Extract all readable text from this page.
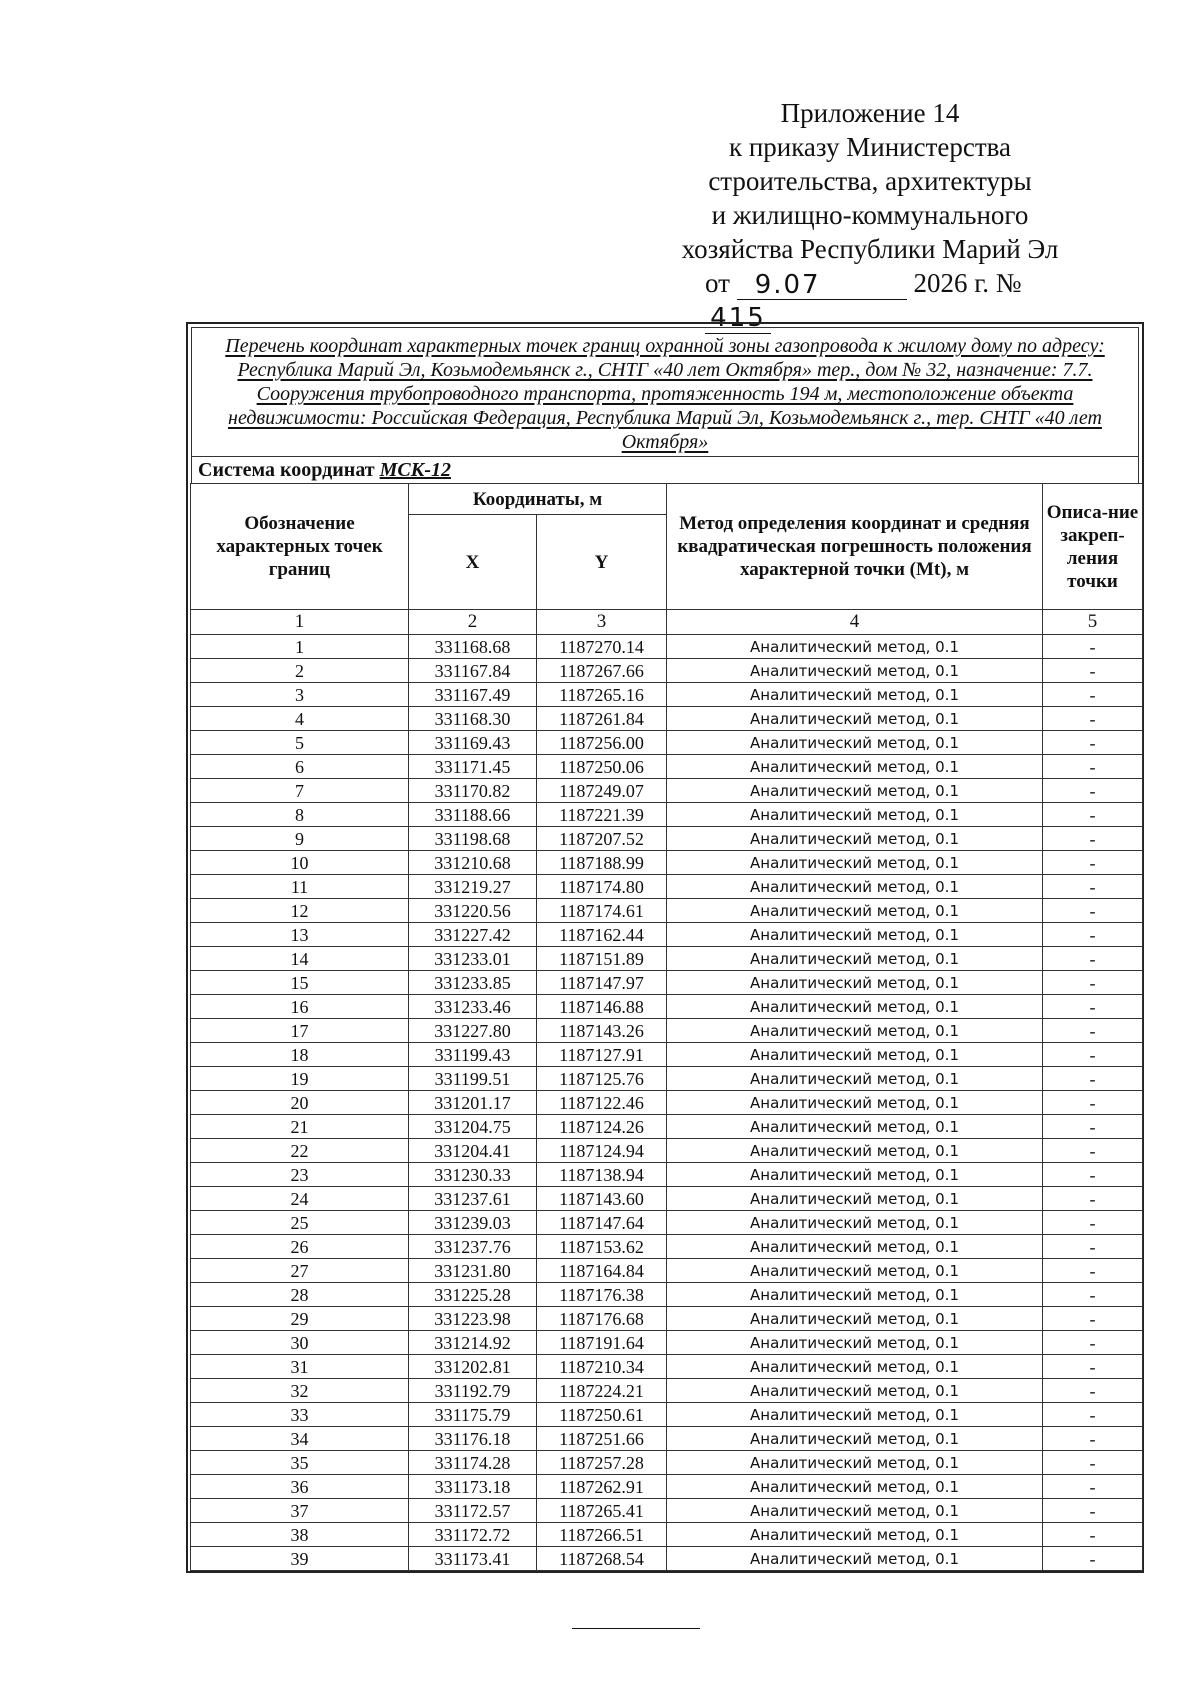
Приложение 14
к приказу Министерства
строительства, архитектуры
и жилищно-коммунального
хозяйства Республики Марий Эл
от 9.07	2026 г. № 415
Перечень координат характерных точек границ охранной зоны газопровода к жилому дому по адресу: Республика Марий Эл, Козьмодемьянск г., СНТГ «40 лет Октября» тер., дом № 32, назначение: 7.7. Сооружения трубопроводного транспорта, протяженность 194 м, местоположение объекта недвижимости: Российская Федерация, Республика Марий Эл, Козьмодемьянск г., тер. СНТГ «40 лет Октября»
Система координат МСК-12
Обозначение характерных точек границ	Координаты, м		Метод определения координат и средняя квадратическая погрешность положения характерной точки (Mt), м	Описа-ние закреп-ления точки
	X	Y		
1	2	3	4	5
1	331168.68	1187270.14	Аналитический метод, 0.1	-
2	331167.84	1187267.66	Аналитический метод, 0.1	-
3	331167.49	1187265.16	Аналитический метод, 0.1	-
4	331168.30	1187261.84	Аналитический метод, 0.1	-
5	331169.43	1187256.00	Аналитический метод, 0.1	-
6	331171.45	1187250.06	Аналитический метод, 0.1	-
7	331170.82	1187249.07	Аналитический метод, 0.1	-
8	331188.66	1187221.39	Аналитический метод, 0.1	-
9	331198.68	1187207.52	Аналитический метод, 0.1	-
10	331210.68	1187188.99	Аналитический метод, 0.1	-
11	331219.27	1187174.80	Аналитический метод, 0.1	-
12	331220.56	1187174.61	Аналитический метод, 0.1	-
13	331227.42	1187162.44	Аналитический метод, 0.1	-
14	331233.01	1187151.89	Аналитический метод, 0.1	-
15	331233.85	1187147.97	Аналитический метод, 0.1	-
16	331233.46	1187146.88	Аналитический метод, 0.1	-
17	331227.80	1187143.26	Аналитический метод, 0.1	-
18	331199.43	1187127.91	Аналитический метод, 0.1	-
19	331199.51	1187125.76	Аналитический метод, 0.1	-
20	331201.17	1187122.46	Аналитический метод, 0.1	-
21	331204.75	1187124.26	Аналитический метод, 0.1	-
22	331204.41	1187124.94	Аналитический метод, 0.1	-
23	331230.33	1187138.94	Аналитический метод, 0.1	-
24	331237.61	1187143.60	Аналитический метод, 0.1	-
25	331239.03	1187147.64	Аналитический метод, 0.1	-
26	331237.76	1187153.62	Аналитический метод, 0.1	-
27	331231.80	1187164.84	Аналитический метод, 0.1	-
28	331225.28	1187176.38	Аналитический метод, 0.1	-
29	331223.98	1187176.68	Аналитический метод, 0.1	-
30	331214.92	1187191.64	Аналитический метод, 0.1	-
31	331202.81	1187210.34	Аналитический метод, 0.1	-
32	331192.79	1187224.21	Аналитический метод, 0.1	-
33	331175.79	1187250.61	Аналитический метод, 0.1	-
34	331176.18	1187251.66	Аналитический метод, 0.1	-
35	331174.28	1187257.28	Аналитический метод, 0.1	-
36	331173.18	1187262.91	Аналитический метод, 0.1	-
37	331172.57	1187265.41	Аналитический метод, 0.1	-
38	331172.72	1187266.51	Аналитический метод, 0.1	-
39	331173.41	1187268.54	Аналитический метод, 0.1	-
